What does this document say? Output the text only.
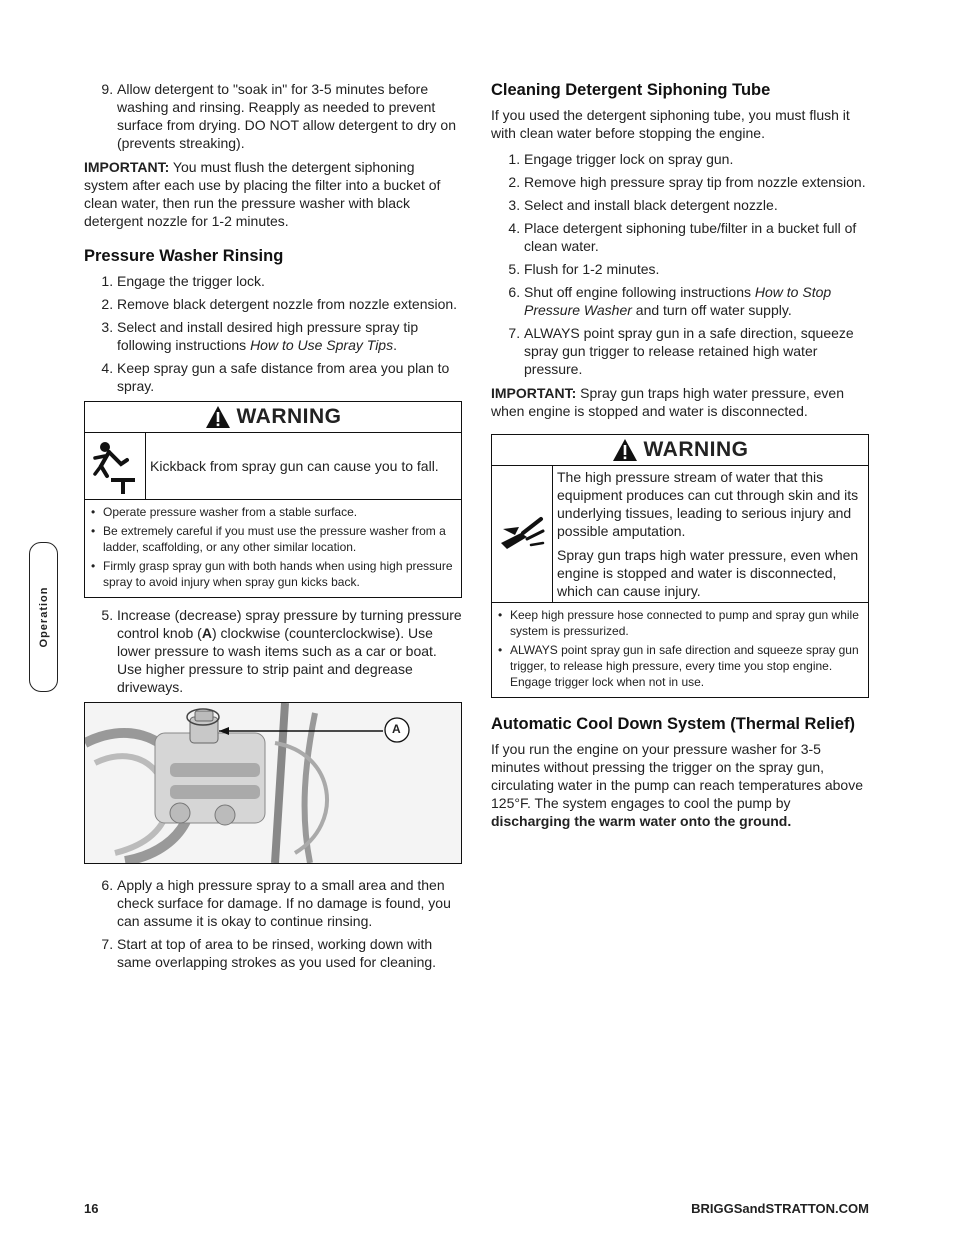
Operation
9. Allow detergent to "soak in" for 3-5 minutes before washing and rinsing. Reapply as needed to prevent surface from drying. DO NOT allow detergent to dry on (prevents streaking).

IMPORTANT: You must flush the detergent siphoning system after each use by placing the filter into a bucket of clean water, then run the pressure washer with black detergent nozzle for 1-2 minutes.

Pressure Washer Rinsing
1. Engage the trigger lock.
2. Remove black detergent nozzle from nozzle extension.
3. Select and install desired high pressure spray tip following instructions How to Use Spray Tips.
4. Keep spray gun a safe distance from area you plan to spray.
WARNING
Kickback from spray gun can cause you to fall.
• Operate pressure washer from a stable surface.
• Be extremely careful if you must use the pressure washer from a ladder, scaffolding, or any other similar location.
• Firmly grasp spray gun with both hands when using high pressure spray to avoid injury when spray gun kicks back.
5. Increase (decrease) spray pressure by turning pressure control knob (A) clockwise (counterclockwise). Use lower pressure to wash items such as a car or boat. Use higher pressure to strip paint and degrease driveways.
A
6. Apply a high pressure spray to a small area and then check surface for damage. If no damage is found, you can assume it is okay to continue rinsing.
7. Start at top of area to be rinsed, working down with same overlapping strokes as you used for cleaning.
Cleaning Detergent Siphoning Tube

If you used the detergent siphoning tube, you must flush it with clean water before stopping the engine.

1. Engage trigger lock on spray gun.
2. Remove high pressure spray tip from nozzle extension.
3. Select and install black detergent nozzle.
4. Place detergent siphoning tube/filter in a bucket full of clean water.
5. Flush for 1-2 minutes.
6. Shut off engine following instructions How to Stop Pressure Washer and turn off water supply.
7. ALWAYS point spray gun in a safe direction, squeeze spray gun trigger to release retained high water pressure.

IMPORTANT: Spray gun traps high water pressure, even when engine is stopped and water is disconnected.

WARNING

The high pressure stream of water that this equipment produces can cut through skin and its underlying tissues, leading to serious injury and possible amputation.

Spray gun traps high water pressure, even when engine is stopped and water is disconnected, which can cause injury.

• Keep high pressure hose connected to pump and spray gun while system is pressurized.
• ALWAYS point spray gun in safe direction and squeeze spray gun trigger, to release high pressure, every time you stop engine. Engage trigger lock when not in use.
Automatic Cool Down System (Thermal Relief)

If you run the engine on your pressure washer for 3-5 minutes without pressing the trigger on the spray gun, circulating water in the pump can reach temperatures above 125°F. The system engages to cool the pump by discharging the warm water onto the ground.

16	BRIGGSandSTRATTON.COM
